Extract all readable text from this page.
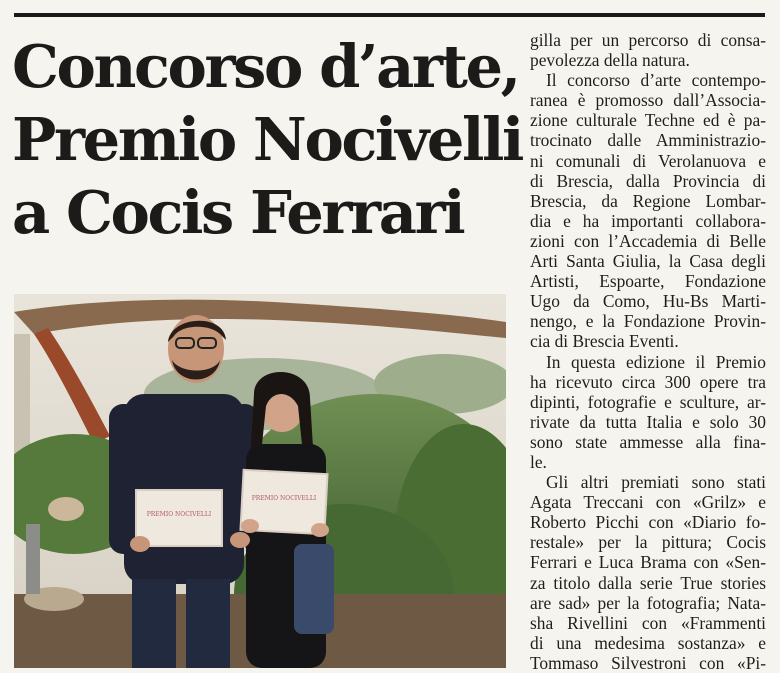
Concorso d’arte,
Premio Nocivelli
a Cocis Ferrari
PREMIO NOCIVELLI
PREMIO NOCIVELLI
gilla per un percorso di consa-
pevolezza della natura.
Il concorso d’arte contempo-
ranea è promosso dall’Associa-
zione culturale Techne ed è pa-
trocinato dalle Amministrazio-
ni comunali di Verolanuova e
di Brescia, dalla Provincia di
Brescia, da Regione Lombar-
dia e ha importanti collabora-
zioni con l’Accademia di Belle
Arti Santa Giulia, la Casa degli
Artisti, Espoarte, Fondazione
Ugo da Como, Hu-Bs Marti-
nengo, e la Fondazione Provin-
cia di Brescia Eventi.
In questa edizione il Premio
ha ricevuto circa 300 opere tra
dipinti, fotografie e sculture, ar-
rivate da tutta Italia e solo 30
sono state ammesse alla fina-
le.
Gli altri premiati sono stati
Agata Treccani con «Grilz» e
Roberto Picchi con «Diario fo-
restale» per la pittura; Cocis
Ferrari e Luca Brama con «Sen-
za titolo dalla serie True stories
are sad» per la fotografia; Nata-
sha Rivellini con «Frammenti
di una medesima sostanza» e
Tommaso Silvestroni con «Pi-
